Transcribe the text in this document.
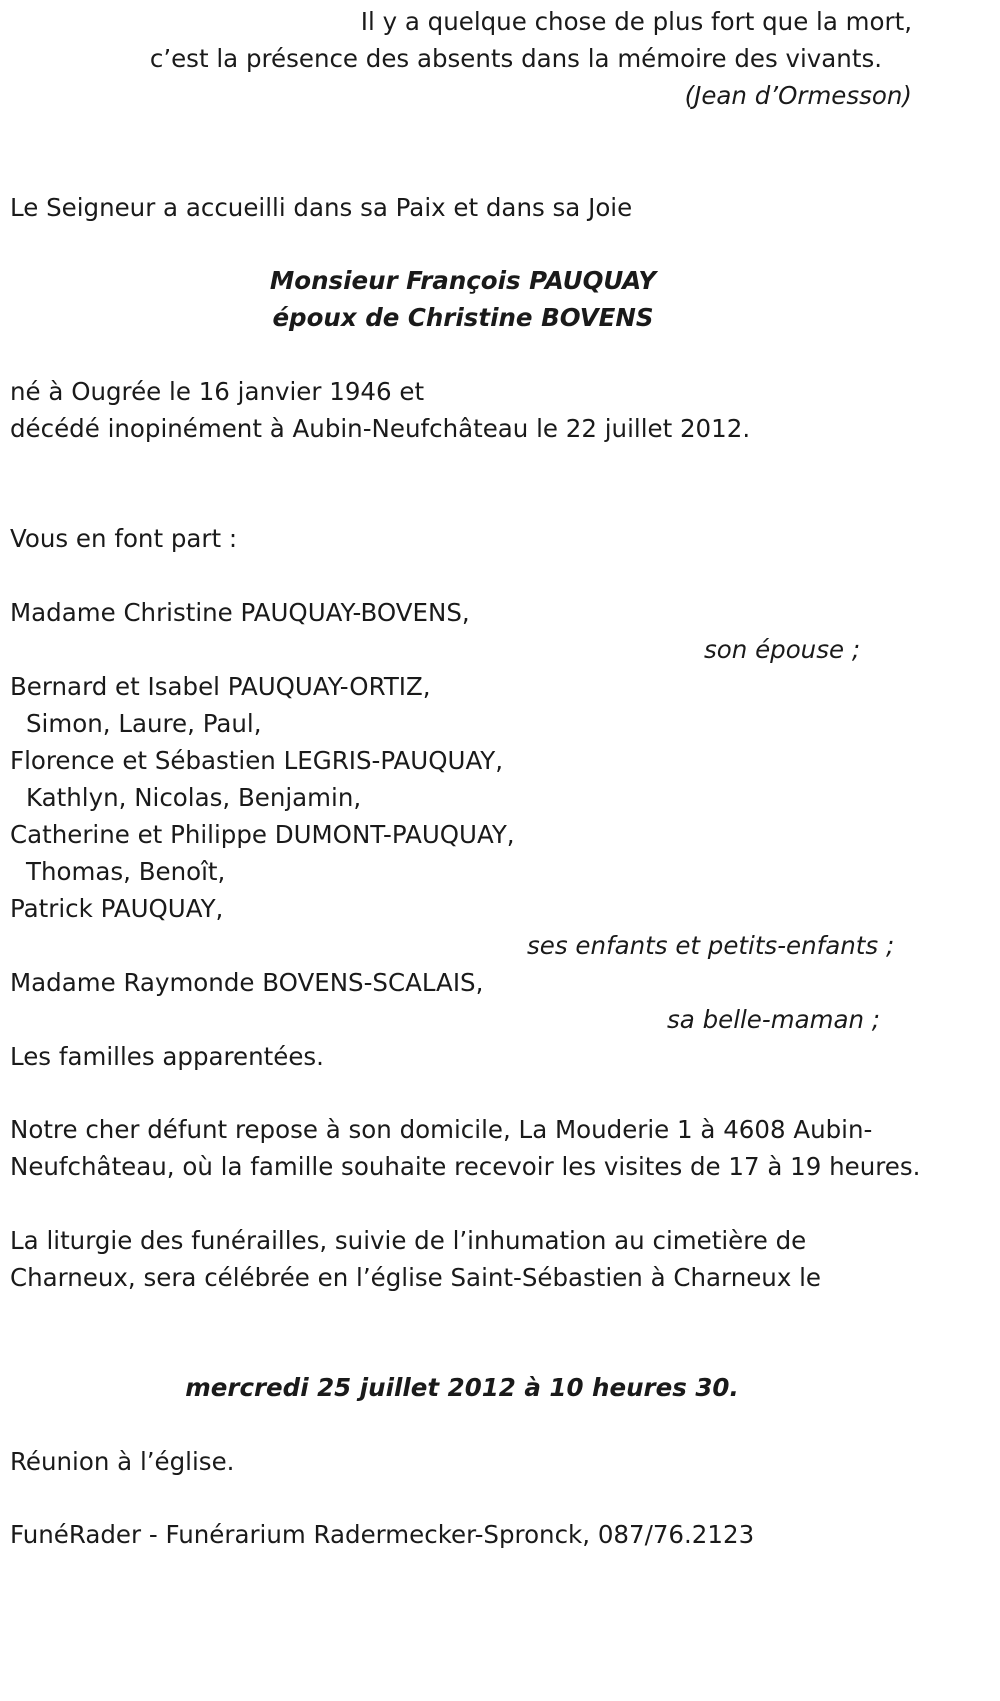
Il y a quelque chose de plus fort que la mort,
c’est la présence des absents dans la mémoire des vivants.
(Jean d’Ormesson)
Le Seigneur a accueilli dans sa Paix et dans sa Joie
Monsieur François PAUQUAY
époux de Christine BOVENS
né à Ougrée le 16 janvier 1946 et
décédé inopinément à Aubin-Neufchâteau le 22 juillet 2012.
Vous en font part :
Madame Christine PAUQUAY-BOVENS,
son épouse ;
Bernard et Isabel PAUQUAY-ORTIZ,
Simon, Laure, Paul,
Florence et Sébastien LEGRIS-PAUQUAY,
Kathlyn, Nicolas, Benjamin,
Catherine et Philippe DUMONT-PAUQUAY,
Thomas, Benoît,
Patrick PAUQUAY,
ses enfants et petits-enfants ;
Madame Raymonde BOVENS-SCALAIS,
sa belle-maman ;
Les familles apparentées.
Notre cher défunt repose à son domicile, La Mouderie 1 à 4608 Aubin-
Neufchâteau, où la famille souhaite recevoir les visites de 17 à 19 heures.
La liturgie des funérailles, suivie de l’inhumation au cimetière de
Charneux, sera célébrée en l’église Saint-Sébastien à Charneux le
mercredi 25 juillet 2012 à 10 heures 30.
Réunion à l’église.
FunéRader - Funérarium Radermecker-Spronck, 087/76.2123
